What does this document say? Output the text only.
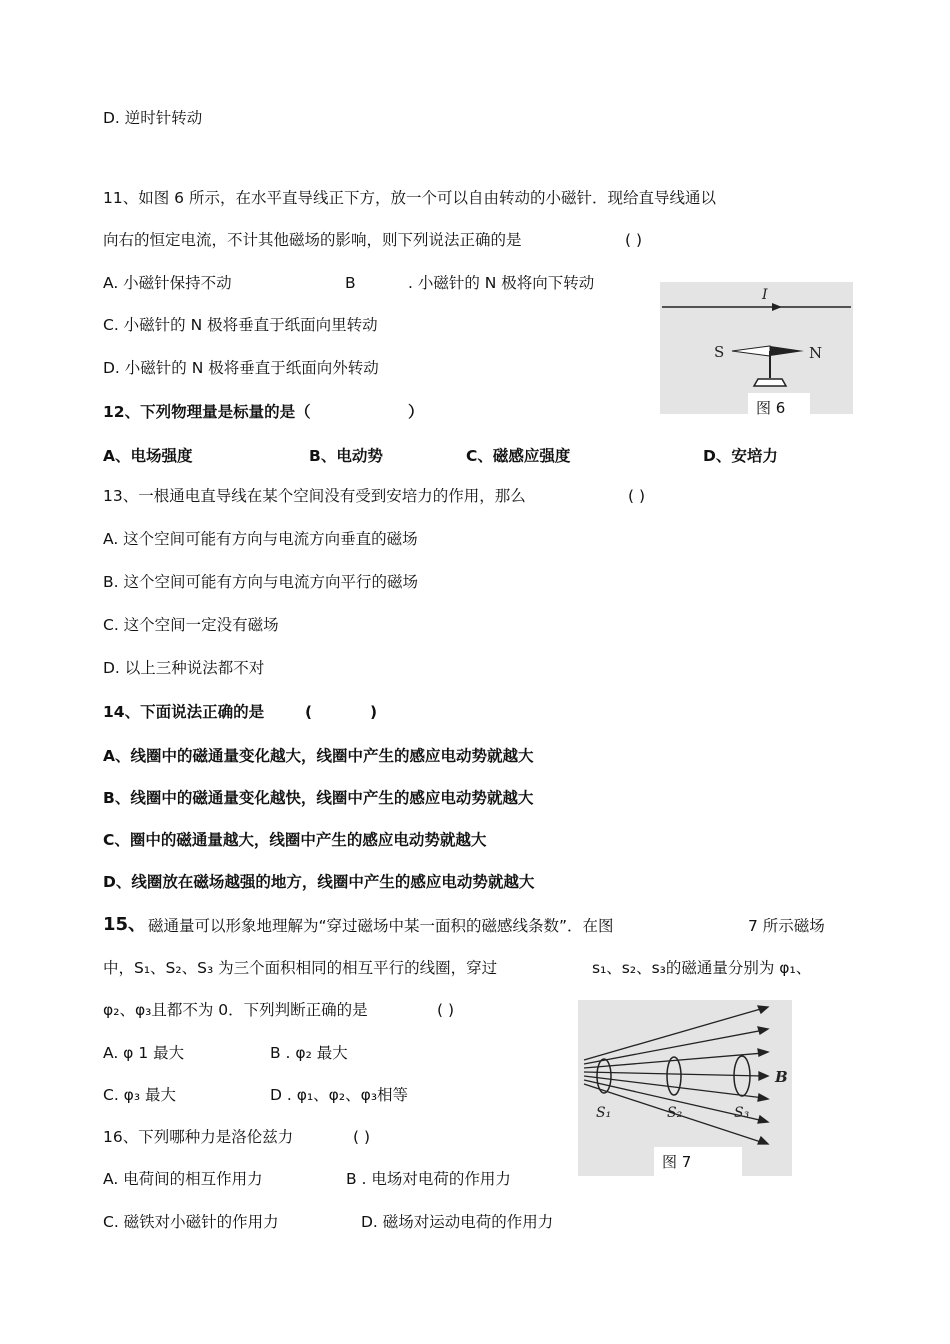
D. 逆时针转动
11、如图 6 所示，在水平直导线正下方，放一个可以自由转动的小磁针．现给直导线通以
向右的恒定电流，不计其他磁场的影响，则下列说法正确的是	( )
A. 小磁针保持不动	B	. 小磁针的 N 极将向下转动
C. 小磁针的 N 极将垂直于纸面向里转动
D. 小磁针的 N 极将垂直于纸面向外转动
I
S	N
图 6
12、下列物理量是标量的是（	）
A、电场强度	B、电动势	C、磁感应强度	D、安培力
13、一根通电直导线在某个空间没有受到安培力的作用，那么	( )
A. 这个空间可能有方向与电流方向垂直的磁场
B. 这个空间可能有方向与电流方向平行的磁场
C. 这个空间一定没有磁场
D. 以上三种说法都不对
14、下面说法正确的是	(	)
A、线圈中的磁通量变化越大，线圈中产生的感应电动势就越大
B、线圈中的磁通量变化越快，线圈中产生的感应电动势就越大
C、圈中的磁通量越大，线圈中产生的感应电动势就越大
D、线圈放在磁场越强的地方，线圈中产生的感应电动势就越大
15、 磁通量可以形象地理解为“穿过磁场中某一面积的磁感线条数”．在图	7 所示磁场
中，S₁、S₂、S₃ 为三个面积相同的相互平行的线圈，穿过	s₁、s₂、s₃的磁通量分别为 φ₁、
φ₂、φ₃且都不为 0．下列判断正确的是	( )
A. φ 1 最大	B . φ₂ 最大
C. φ₃ 最大	D . φ₁、φ₂、φ₃相等
B
S₁	S₂	S₃
图 7
16、下列哪种力是洛伦兹力	( )
A. 电荷间的相互作用力	B . 电场对电荷的作用力
C. 磁铁对小磁针的作用力	D. 磁场对运动电荷的作用力
